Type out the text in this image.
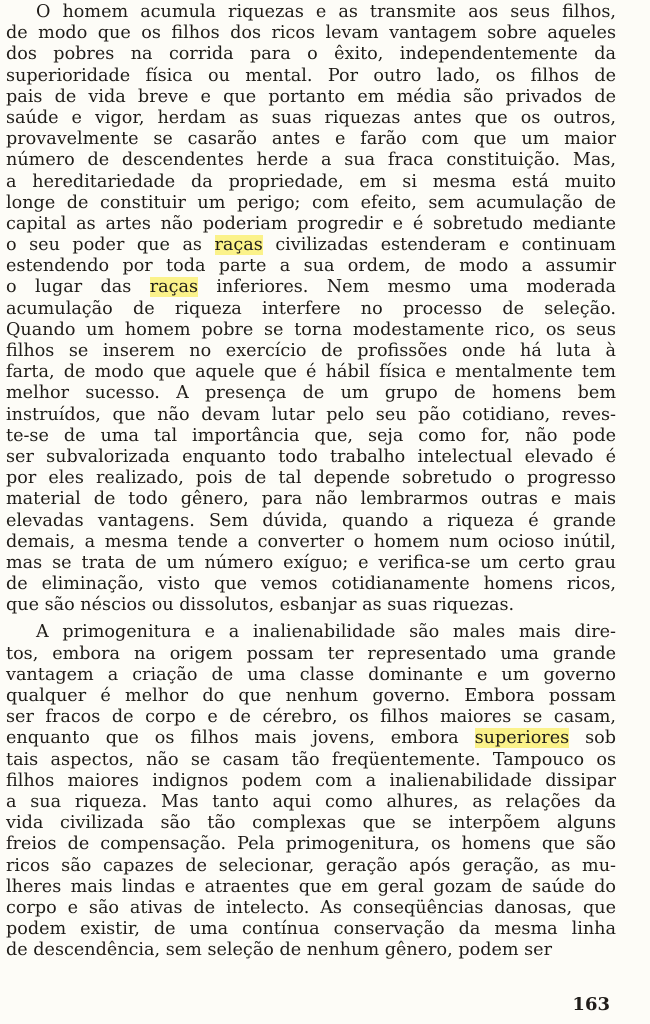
O homem acumula riquezas e as transmite aos seus filhos,
de modo que os filhos dos ricos levam vantagem sobre aqueles
dos pobres na corrida para o êxito, independentemente da
superioridade física ou mental. Por outro lado, os filhos de
pais de vida breve e que portanto em média são privados de
saúde e vigor, herdam as suas riquezas antes que os outros,
provavelmente se casarão antes e farão com que um maior
número de descendentes herde a sua fraca constituição. Mas,
a hereditariedade da propriedade, em si mesma está muito
longe de constituir um perigo; com efeito, sem acumulação de
capital as artes não poderiam progredir e é sobretudo mediante
o seu poder que as raças civilizadas estenderam e continuam
estendendo por toda parte a sua ordem, de modo a assumir
o lugar das raças inferiores. Nem mesmo uma moderada
acumulação de riqueza interfere no processo de seleção.
Quando um homem pobre se torna modestamente rico, os seus
filhos se inserem no exercício de profissões onde há luta à
farta, de modo que aquele que é hábil física e mentalmente tem
melhor sucesso. A presença de um grupo de homens bem
instruídos, que não devam lutar pelo seu pão cotidiano, reves-
te-se de uma tal importância que, seja como for, não pode
ser subvalorizada enquanto todo trabalho intelectual elevado é
por eles realizado, pois de tal depende sobretudo o progresso
material de todo gênero, para não lembrarmos outras e mais
elevadas vantagens. Sem dúvida, quando a riqueza é grande
demais, a mesma tende a converter o homem num ocioso inútil,
mas se trata de um número exíguo; e verifica-se um certo grau
de eliminação, visto que vemos cotidianamente homens ricos,
que são néscios ou dissolutos, esbanjar as suas riquezas.
A primogenitura e a inalienabilidade são males mais dire-
tos, embora na origem possam ter representado uma grande
vantagem a criação de uma classe dominante e um governo
qualquer é melhor do que nenhum governo. Embora possam
ser fracos de corpo e de cérebro, os filhos maiores se casam,
enquanto que os filhos mais jovens, embora superiores sob
tais aspectos, não se casam tão freqüentemente. Tampouco os
filhos maiores indignos podem com a inalienabilidade dissipar
a sua riqueza. Mas tanto aqui como alhures, as relações da
vida civilizada são tão complexas que se interpõem alguns
freios de compensação. Pela primogenitura, os homens que são
ricos são capazes de selecionar, geração após geração, as mu-
lheres mais lindas e atraentes que em geral gozam de saúde do
corpo e são ativas de intelecto. As conseqüências danosas, que
podem existir, de uma contínua conservação da mesma linha
de descendência, sem seleção de nenhum gênero, podem ser
163
